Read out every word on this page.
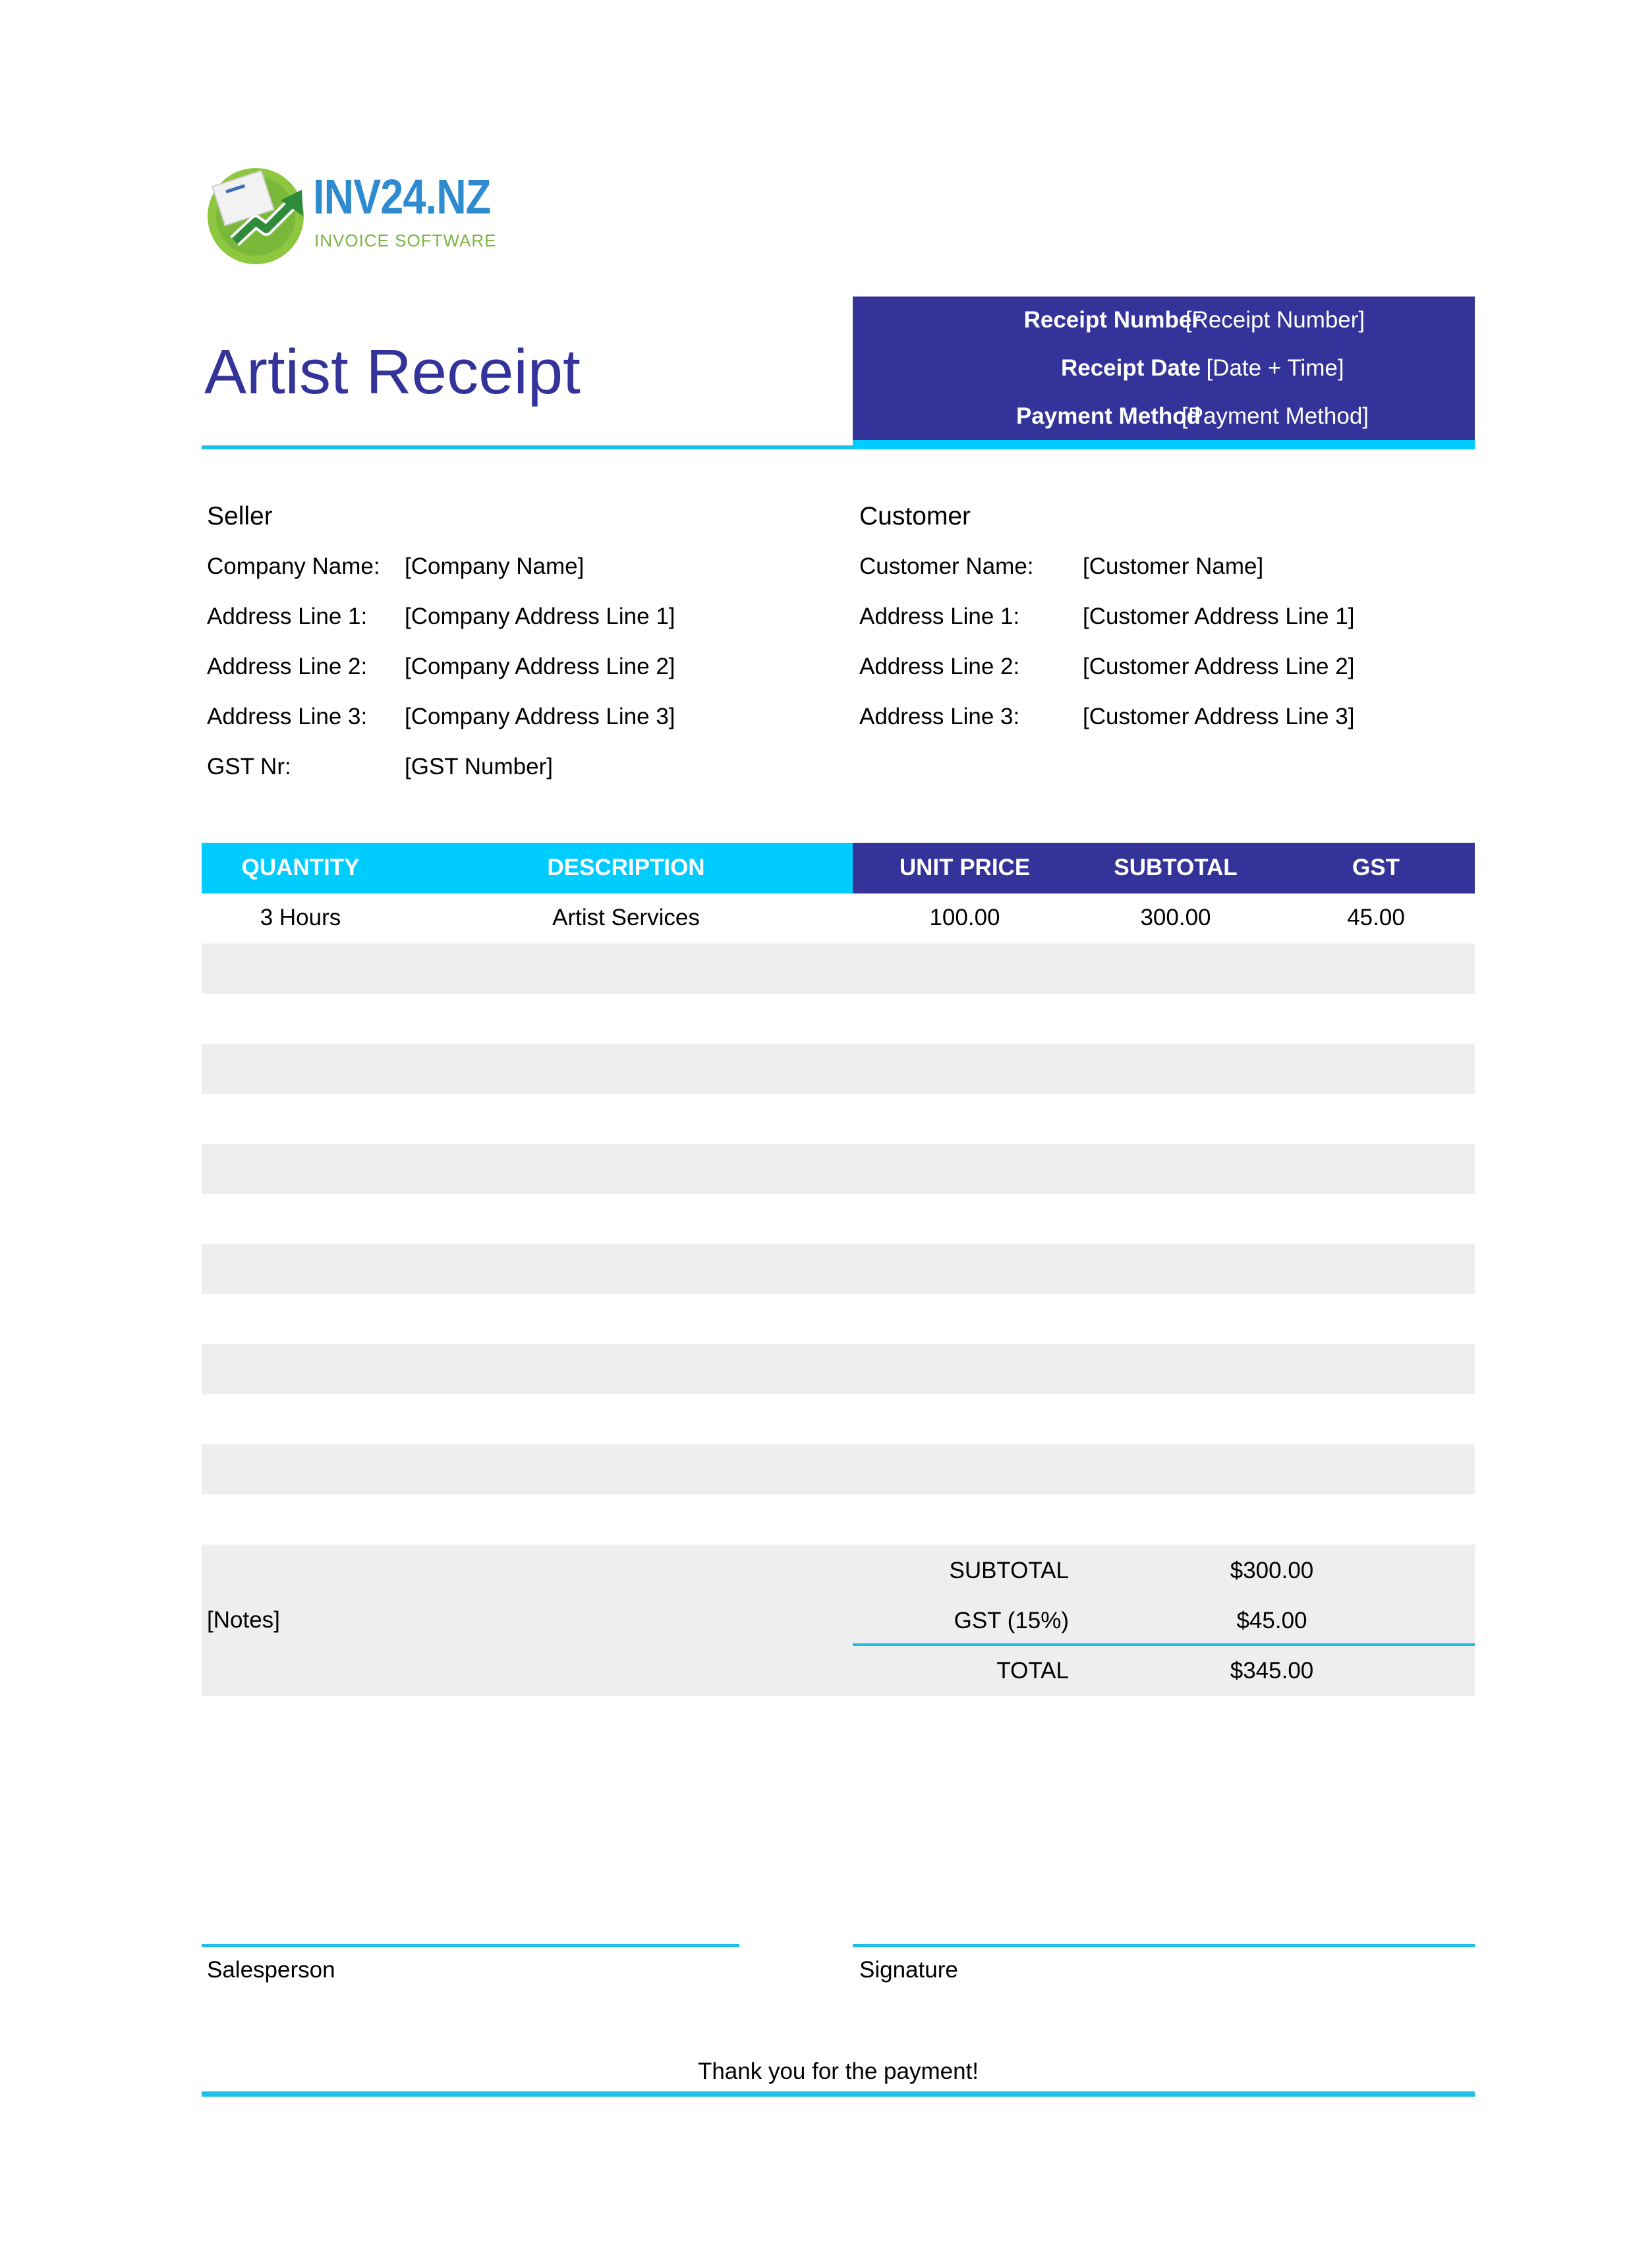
INV24.NZ
INVOICE SOFTWARE
Artist Receipt
Receipt Number
[Receipt Number]
Receipt Date [Date + Time]
Payment Method
[Payment Method]
Seller
Company Name: [Company Name]
Address Line 1: [Company Address Line 1]
Address Line 2: [Company Address Line 2]
Address Line 3: [Company Address Line 3]
GST Nr:	[GST Number]
Customer
Customer Name: [Customer Name]
Address Line 1:	[Customer Address Line 1]
Address Line 2:	[Customer Address Line 2]
Address Line 3:	[Customer Address Line 3]
QUANTITY	DESCRIPTION	UNIT PRICE	SUBTOTAL	GST
3 Hours	Artist Services	100.00	300.00	45.00
[Notes]
SUBTOTAL	$300.00
GST (15%)	$45.00
TOTAL	$345.00
Salesperson	Signature
Thank you for the payment!
